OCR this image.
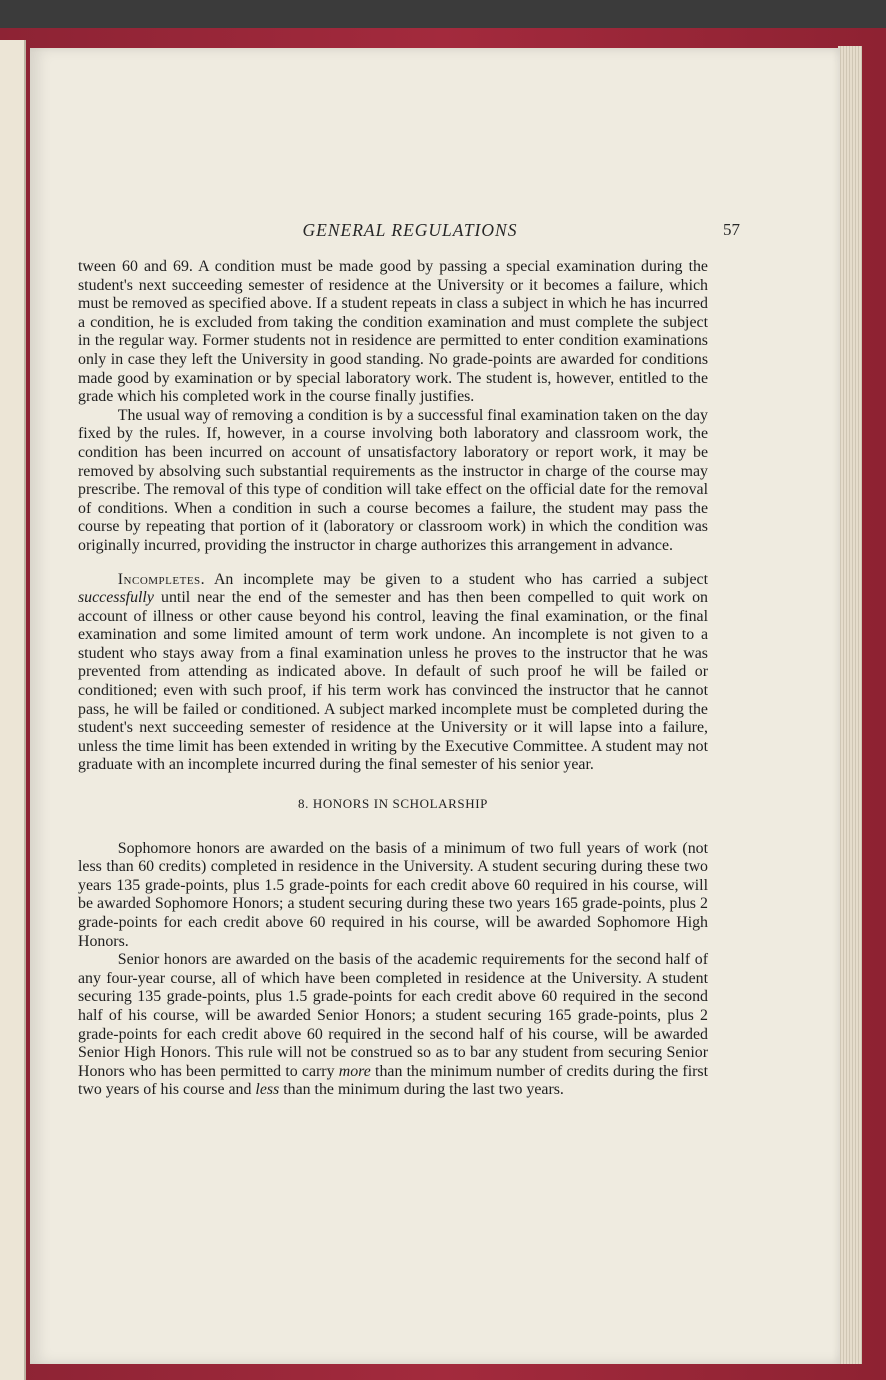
GENERAL REGULATIONS	57

tween 60 and 69. A condition must be made good by passing a special examination during the student's next succeeding semester of residence at the University or it becomes a failure, which must be removed as specified above. If a student repeats in class a subject in which he has incurred a condition, he is excluded from taking the condition examination and must complete the subject in the regular way. Former students not in residence are permitted to enter condition examinations only in case they left the University in good standing. No grade-points are awarded for conditions made good by examination or by special laboratory work. The student is, however, entitled to the grade which his completed work in the course finally justifies.

The usual way of removing a condition is by a successful final examination taken on the day fixed by the rules. If, however, in a course involving both laboratory and classroom work, the condition has been incurred on account of unsatisfactory laboratory or report work, it may be removed by absolving such substantial requirements as the instructor in charge of the course may prescribe. The removal of this type of condition will take effect on the official date for the removal of conditions. When a condition in such a course becomes a failure, the student may pass the course by repeating that portion of it (laboratory or classroom work) in which the condition was originally incurred, providing the instructor in charge authorizes this arrangement in advance.

Incompletes. An incomplete may be given to a student who has carried a subject successfully until near the end of the semester and has then been compelled to quit work on account of illness or other cause beyond his control, leaving the final examination, or the final examination and some limited amount of term work undone. An incomplete is not given to a student who stays away from a final examination unless he proves to the instructor that he was prevented from attending as indicated above. In default of such proof he will be failed or conditioned; even with such proof, if his term work has convinced the instructor that he cannot pass, he will be failed or conditioned. A subject marked incomplete must be completed during the student's next succeeding semester of residence at the University or it will lapse into a failure, unless the time limit has been extended in writing by the Executive Committee. A student may not graduate with an incomplete incurred during the final semester of his senior year.

8. HONORS IN SCHOLARSHIP

Sophomore honors are awarded on the basis of a minimum of two full years of work (not less than 60 credits) completed in residence in the University. A student securing during these two years 135 grade-points, plus 1.5 grade-points for each credit above 60 required in his course, will be awarded Sophomore Honors; a student securing during these two years 165 grade-points, plus 2 grade-points for each credit above 60 required in his course, will be awarded Sophomore High Honors.

Senior honors are awarded on the basis of the academic requirements for the second half of any four-year course, all of which have been completed in residence at the University. A student securing 135 grade-points, plus 1.5 grade-points for each credit above 60 required in the second half of his course, will be awarded Senior Honors; a student securing 165 grade-points, plus 2 grade-points for each credit above 60 required in the second half of his course, will be awarded Senior High Honors. This rule will not be construed so as to bar any student from securing Senior Honors who has been permitted to carry more than the minimum number of credits during the first two years of his course and less than the minimum during the last two years.
